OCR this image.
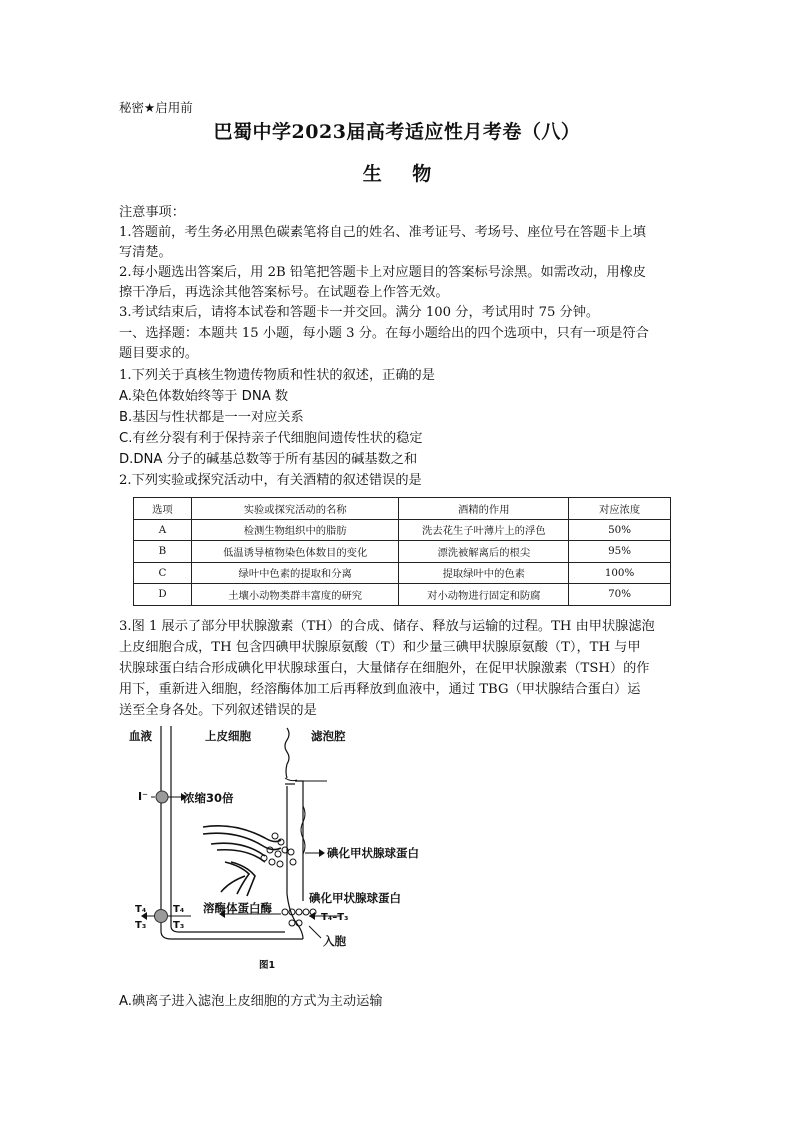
秘密★启用前
巴蜀中学2023届高考适应性月考卷（八）
生 物
注意事项：
1.答题前，考生务必用黑色碳素笔将自己的姓名、准考证号、考场号、座位号在答题卡上填
写清楚。
2.每小题选出答案后，用 2B 铅笔把答题卡上对应题目的答案标号涂黑。如需改动，用橡皮
擦干净后，再选涂其他答案标号。在试题卷上作答无效。
3.考试结束后，请将本试卷和答题卡一并交回。满分 100 分，考试用时 75 分钟。
一、选择题：本题共 15 小题，每小题 3 分。在每小题给出的四个选项中，只有一项是符合
题目要求的。
1.下列关于真核生物遗传物质和性状的叙述，正确的是
A.染色体数始终等于 DNA 数
B.基因与性状都是一一对应关系
C.有丝分裂有利于保持亲子代细胞间遗传性状的稳定
D.DNA 分子的碱基总数等于所有基因的碱基数之和
2.下列实验或探究活动中，有关酒精的叙述错误的是
选项	实验或探究活动的名称	酒精的作用	对应浓度
A	检测生物组织中的脂肪	洗去花生子叶薄片上的浮色	50%
B	低温诱导植物染色体数目的变化	漂洗被解离后的根尖	95%
C	绿叶中色素的提取和分离	提取绿叶中的色素	100%
D	土壤小动物类群丰富度的研究	对小动物进行固定和防腐	70%
3.图 1 展示了部分甲状腺激素（TH）的合成、储存、释放与运输的过程。TH 由甲状腺滤泡
上皮细胞合成，TH 包含四碘甲状腺原氨酸（T）和少量三碘甲状腺原氨酸（T），TH 与甲
状腺球蛋白结合形成碘化甲状腺球蛋白，大量储存在细胞外，在促甲状腺激素（TSH）的作
用下，重新进入细胞，经溶酶体加工后再释放到血液中，通过 TBG（甲状腺结合蛋白）运
送至全身各处。下列叙述错误的是
血液	上皮细胞	滤泡腔
I⁻	浓缩30倍
碘化甲状腺球蛋白
碘化甲状腺球蛋白
溶酶体蛋白酶
T₄–T₃
T₄
T₃
T₄
T₃
入胞
图1
A.碘离子进入滤泡上皮细胞的方式为主动运输
